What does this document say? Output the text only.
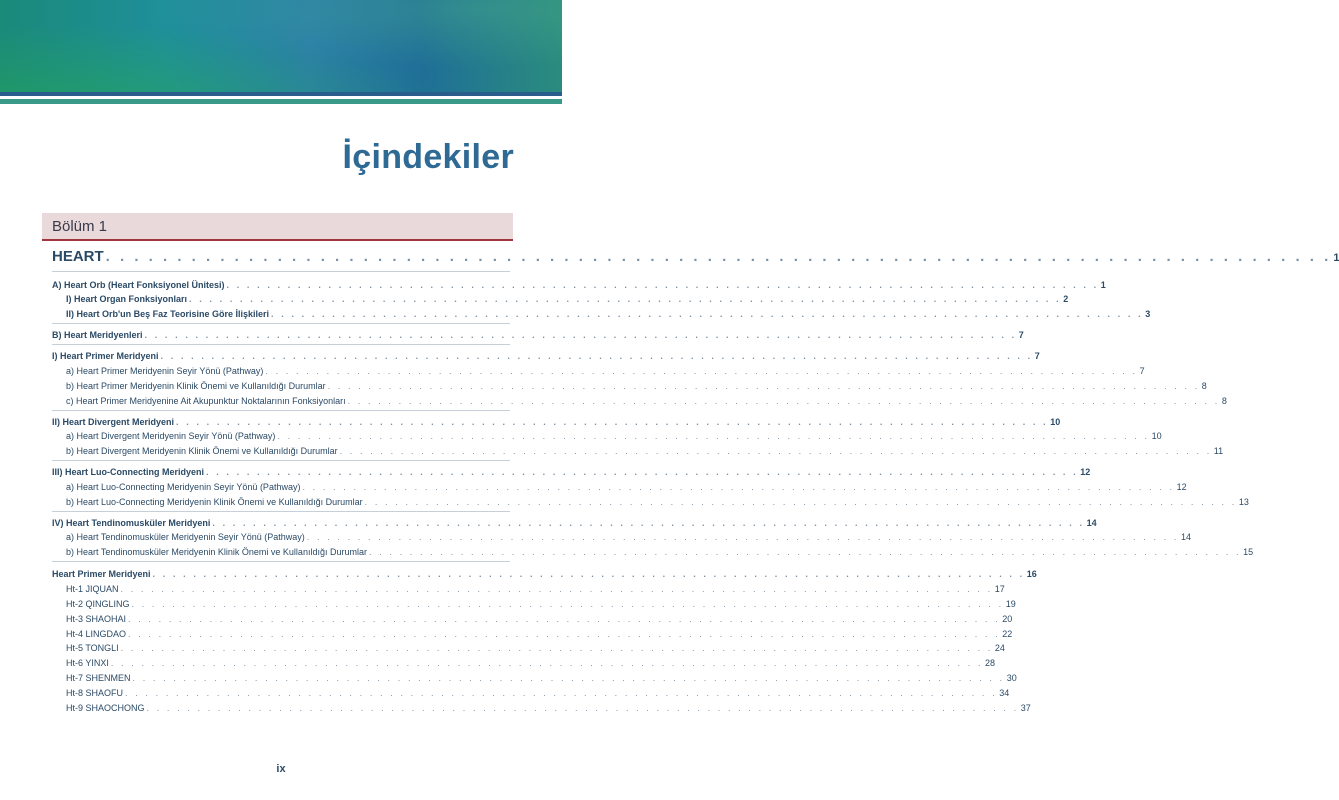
İçindekiler
Bölüm 1
HEART . . . . . . . . . . . . . . . . . . . . . . . . . . . . . . . . . . . . . . . . . . . . . . . . . . . . . . . . . . . . . . . . . . . . . . . . . . . . . . . . . . . . . . 1
A) Heart Orb (Heart Fonksiyonel Ünitesi) . . . . . . . . . . . . . . . . . . . . . . . . . . . . . . . . . . . . . . . . . . . . . . . . . . . . . . . . . . . . . . . . . . . . . . . . . . . . . . . . . . . . . . 1
I) Heart Organ Fonksiyonları . . . . . . . . . . . . . . . . . . . . . . . . . . . . . . . . . . . . . . . . . . . . . . . . . . . . . . . . . . . . . . . . . . . . . . . . . . . . . . . . . . . . . . 2
II) Heart Orb'un Beş Faz Teorisine Göre İlişkileri . . . . . . . . . . . . . . . . . . . . . . . . . . . . . . . . . . . . . . . . . . . . . . . . . . . . . . . . . . . . . . . . . . . . . . . . . . . . . . . . . . . . . . 3
B) Heart Meridyenleri . . . . . . . . . . . . . . . . . . . . . . . . . . . . . . . . . . . . . . . . . . . . . . . . . . . . . . . . . . . . . . . . . . . . . . . . . . . . . . . . . . . . . . 7
I) Heart Primer Meridyeni . . . . . . . . . . . . . . . . . . . . . . . . . . . . . . . . . . . . . . . . . . . . . . . . . . . . . . . . . . . . . . . . . . . . . . . . . . . . . . . . . . . . . . 7
a) Heart Primer Meridyenin Seyir Yönü (Pathway) . . . . . . . . . . . . . . . . . . . . . . . . . . . . . . . . . . . . . . . . . . . . . . . . . . . . . . . . . . . . . . . . . . . . . . . . . . . . . . . . . . . . . . 7
b) Heart Primer Meridyenin Klinik Önemi ve Kullanıldığı Durumlar . . . . . . . . . . . . . . . . . . . . . . . . . . . . . . . . . . . . . . . . . . . . . . . . . . . . . . . . . . . . . . . . . . . . . . . . . . . . . . . . . . . . . . 8
c) Heart Primer Meridyenine Ait Akupunktur Noktalarının Fonksiyonları . . . . . . . . . . . . . . . . . . . . . . . . . . . . . . . . . . . . . . . . . . . . . . . . . . . . . . . . . . . . . . . . . . . . . . . . . . . . . . . . . . . . . . 8
II) Heart Divergent Meridyeni . . . . . . . . . . . . . . . . . . . . . . . . . . . . . . . . . . . . . . . . . . . . . . . . . . . . . . . . . . . . . . . . . . . . . . . . . . . . . . . . . . . . . . 10
a) Heart Divergent Meridyenin Seyir Yönü (Pathway) . . . . . . . . . . . . . . . . . . . . . . . . . . . . . . . . . . . . . . . . . . . . . . . . . . . . . . . . . . . . . . . . . . . . . . . . . . . . . . . . . . . . . . 10
b) Heart Divergent Meridyenin Klinik Önemi ve Kullanıldığı Durumlar . . . . . . . . . . . . . . . . . . . . . . . . . . . . . . . . . . . . . . . . . . . . . . . . . . . . . . . . . . . . . . . . . . . . . . . . . . . . . . . . . . . . . . 11
III) Heart Luo-Connecting Meridyeni . . . . . . . . . . . . . . . . . . . . . . . . . . . . . . . . . . . . . . . . . . . . . . . . . . . . . . . . . . . . . . . . . . . . . . . . . . . . . . . . . . . . . . 12
a) Heart Luo-Connecting Meridyenin Seyir Yönü (Pathway) . . . . . . . . . . . . . . . . . . . . . . . . . . . . . . . . . . . . . . . . . . . . . . . . . . . . . . . . . . . . . . . . . . . . . . . . . . . . . . . . . . . . . . 12
b) Heart Luo-Connecting Meridyenin Klinik Önemi ve Kullanıldığı Durumlar . . . . . . . . . . . . . . . . . . . . . . . . . . . . . . . . . . . . . . . . . . . . . . . . . . . . . . . . . . . . . . . . . . . . . . . . . . . . . . . . . . . . . . 13
IV) Heart Tendinomusküler Meridyeni . . . . . . . . . . . . . . . . . . . . . . . . . . . . . . . . . . . . . . . . . . . . . . . . . . . . . . . . . . . . . . . . . . . . . . . . . . . . . . . . . . . . . . 14
a) Heart Tendinomusküler Meridyenin Seyir Yönü (Pathway) . . . . . . . . . . . . . . . . . . . . . . . . . . . . . . . . . . . . . . . . . . . . . . . . . . . . . . . . . . . . . . . . . . . . . . . . . . . . . . . . . . . . . . 14
b) Heart Tendinomusküler Meridyenin Klinik Önemi ve Kullanıldığı Durumlar . . . . . . . . . . . . . . . . . . . . . . . . . . . . . . . . . . . . . . . . . . . . . . . . . . . . . . . . . . . . . . . . . . . . . . . . . . . . . . . . . . . . . . 15
Heart Primer Meridyeni . . . . . . . . . . . . . . . . . . . . . . . . . . . . . . . . . . . . . . . . . . . . . . . . . . . . . . . . . . . . . . . . . . . . . . . . . . . . . . . . . . . . . . 16
Ht-1 JIQUAN . . . . . . . . . . . . . . . . . . . . . . . . . . . . . . . . . . . . . . . . . . . . . . . . . . . . . . . . . . . . . . . . . . . . . . . . . . . . . . . . . . . . . . 17
Ht-2 QINGLING . . . . . . . . . . . . . . . . . . . . . . . . . . . . . . . . . . . . . . . . . . . . . . . . . . . . . . . . . . . . . . . . . . . . . . . . . . . . . . . . . . . . . . 19
Ht-3 SHAOHAI . . . . . . . . . . . . . . . . . . . . . . . . . . . . . . . . . . . . . . . . . . . . . . . . . . . . . . . . . . . . . . . . . . . . . . . . . . . . . . . . . . . . . . 20
Ht-4 LINGDAO . . . . . . . . . . . . . . . . . . . . . . . . . . . . . . . . . . . . . . . . . . . . . . . . . . . . . . . . . . . . . . . . . . . . . . . . . . . . . . . . . . . . . . 22
Ht-5 TONGLI . . . . . . . . . . . . . . . . . . . . . . . . . . . . . . . . . . . . . . . . . . . . . . . . . . . . . . . . . . . . . . . . . . . . . . . . . . . . . . . . . . . . . . 24
Ht-6 YINXI . . . . . . . . . . . . . . . . . . . . . . . . . . . . . . . . . . . . . . . . . . . . . . . . . . . . . . . . . . . . . . . . . . . . . . . . . . . . . . . . . . . . . . 28
Ht-7 SHENMEN . . . . . . . . . . . . . . . . . . . . . . . . . . . . . . . . . . . . . . . . . . . . . . . . . . . . . . . . . . . . . . . . . . . . . . . . . . . . . . . . . . . . . . 30
Ht-8 SHAOFU . . . . . . . . . . . . . . . . . . . . . . . . . . . . . . . . . . . . . . . . . . . . . . . . . . . . . . . . . . . . . . . . . . . . . . . . . . . . . . . . . . . . . . 34
Ht-9 SHAOCHONG . . . . . . . . . . . . . . . . . . . . . . . . . . . . . . . . . . . . . . . . . . . . . . . . . . . . . . . . . . . . . . . . . . . . . . . . . . . . . . . . . . . . . . 37
ix
